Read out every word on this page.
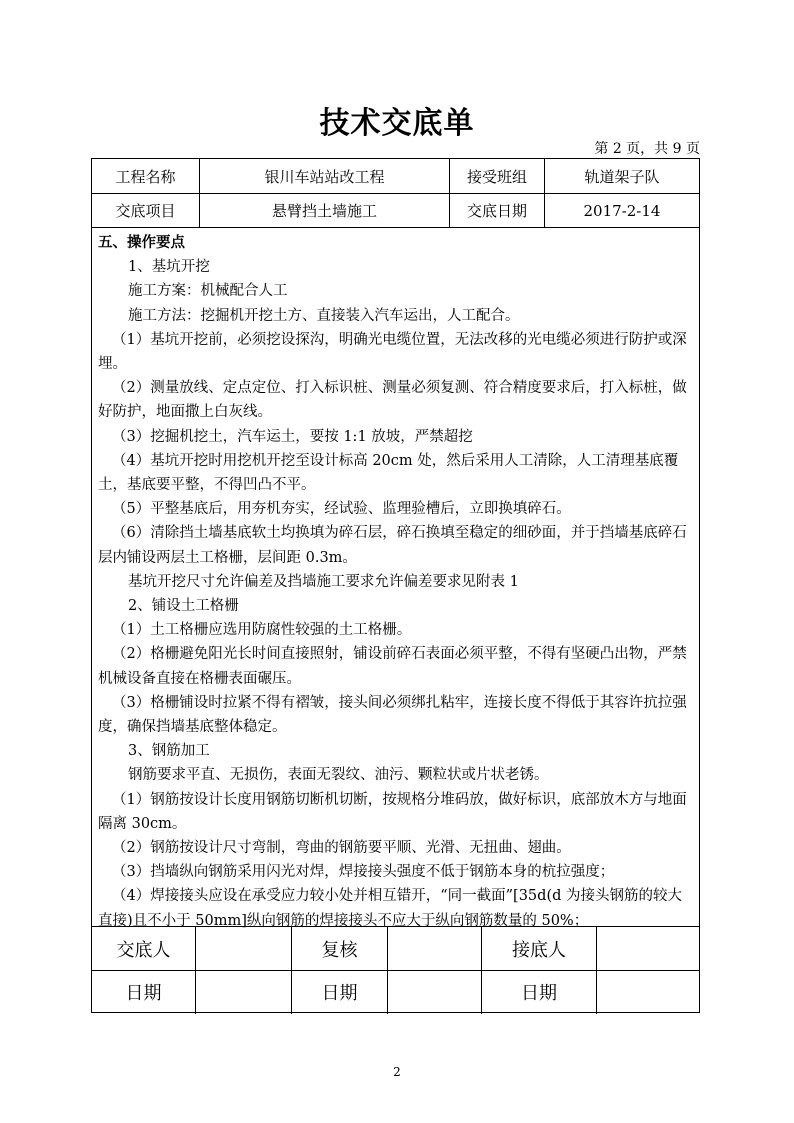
技术交底单
第 2 页，共 9 页
工程名称	银川车站站改工程	接受班组	轨道架子队
交底项目	悬臂挡土墙施工	交底日期	2017-2-14

五、操作要点

1、基坑开挖

施工方案：机械配合人工

施工方法：挖掘机开挖土方、直接装入汽车运出，人工配合。

（1）基坑开挖前，必须挖设探沟，明确光电缆位置，无法改移的光电缆必须进行防护或深埋。

（2）测量放线、定点定位、打入标识桩、测量必须复测、符合精度要求后，打入标桩，做好防护，地面撒上白灰线。

（3）挖掘机挖土，汽车运土，要按 1:1 放坡，严禁超挖

（4）基坑开挖时用挖机开挖至设计标高 20cm 处，然后采用人工清除，人工清理基底覆土，基底要平整，不得凹凸不平。

（5）平整基底后，用夯机夯实，经试验、监理验槽后，立即换填碎石。

（6）清除挡土墙基底软土均换填为碎石层，碎石换填至稳定的细砂面，并于挡墙基底碎石层内铺设两层土工格栅，层间距 0.3m。

基坑开挖尺寸允许偏差及挡墙施工要求允许偏差要求见附表 1

2、铺设土工格栅

（1）土工格栅应选用防腐性较强的土工格栅。

（2）格栅避免阳光长时间直接照射，铺设前碎石表面必须平整，不得有坚硬凸出物，严禁机械设备直接在格栅表面碾压。

（3）格栅铺设时拉紧不得有褶皱，接头间必须绑扎粘牢，连接长度不得低于其容许抗拉强度，确保挡墙基底整体稳定。

3、钢筋加工

钢筋要求平直、无损伤，表面无裂纹、油污、颗粒状或片状老锈。

（1）钢筋按设计长度用钢筋切断机切断，按规格分堆码放，做好标识，底部放木方与地面隔离 30cm。

（2）钢筋按设计尺寸弯制，弯曲的钢筋要平顺、光滑、无扭曲、翅曲。

（3）挡墙纵向钢筋采用闪光对焊，焊接接头强度不低于钢筋本身的杭拉强度；

（4）焊接接头应设在承受应力较小处并相互错开，“同一截面”[35d(d 为接头钢筋的较大直接)且不小于 50mm]纵向钢筋的焊接接头不应大于纵向钢筋数量的 50%；

交底人	复核	接底人
日期	日期	日期
2
